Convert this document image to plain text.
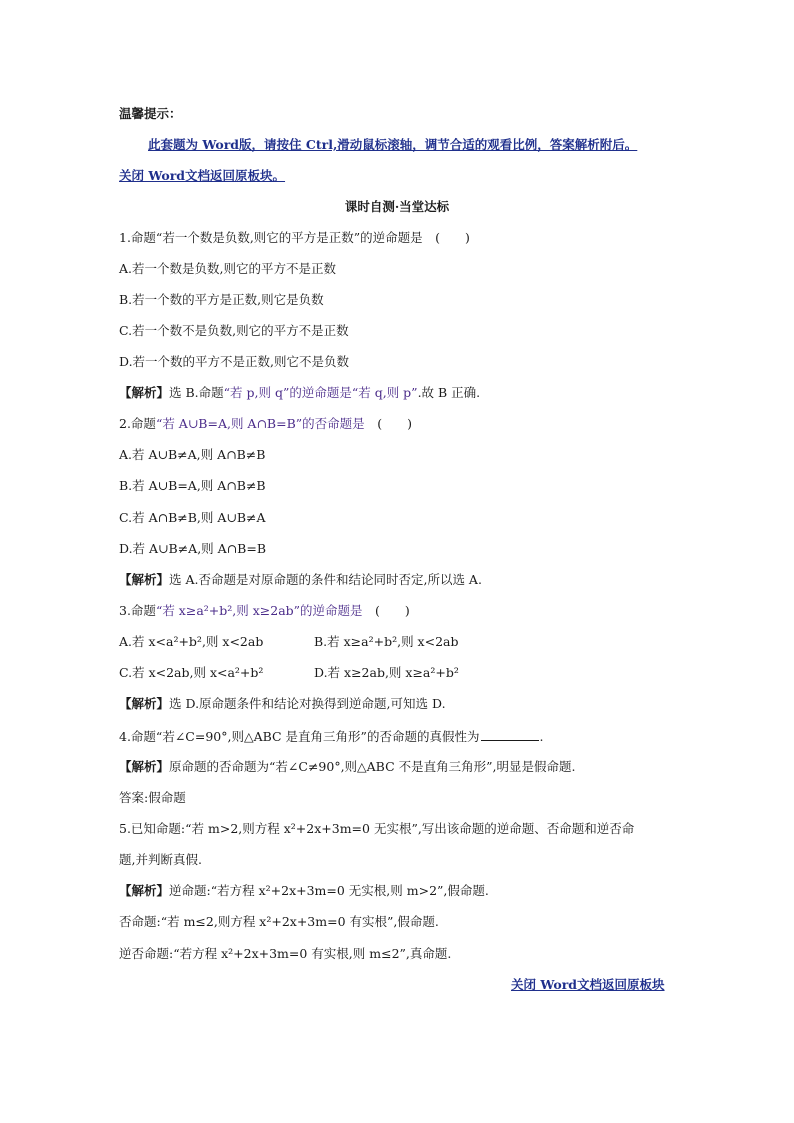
温馨提示：
此套题为 Word版，请按住 Ctrl,滑动鼠标滚轴，调节合适的观看比例，答案解析附后。
关闭 Word文档返回原板块。
课时自测·当堂达标
1.命题“若一个数是负数,则它的平方是正数”的逆命题是　(　　)
A.若一个数是负数,则它的平方不是正数
B.若一个数的平方是正数,则它是负数
C.若一个数不是负数,则它的平方不是正数
D.若一个数的平方不是正数,则它不是负数
【解析】选 B.命题“若 p,则 q”的逆命题是“若 q,则 p”.故 B 正确.
2.命题“若 A∪B=A,则 A∩B=B”的否命题是　(　　)
A.若 A∪B≠A,则 A∩B≠B
B.若 A∪B=A,则 A∩B≠B
C.若 A∩B≠B,则 A∪B≠A
D.若 A∪B≠A,则 A∩B=B
【解析】选 A.否命题是对原命题的条件和结论同时否定,所以选 A.
3.命题“若 x≥a²+b²,则 x≥2ab”的逆命题是　(　　)
A.若 x<a²+b²,则 x<2ab	B.若 x≥a²+b²,则 x<2ab
C.若 x<2ab,则 x<a²+b²	D.若 x≥2ab,则 x≥a²+b²
【解析】选 D.原命题条件和结论对换得到逆命题,可知选 D.
4.命题“若∠C=90°,则△ABC 是直角三角形”的否命题的真假性为	.
【解析】原命题的否命题为“若∠C≠90°,则△ABC 不是直角三角形”,明显是假命题.
答案:假命题
5.已知命题:“若 m>2,则方程 x²+2x+3m=0 无实根”,写出该命题的逆命题、否命题和逆否命
题,并判断真假.
【解析】逆命题:“若方程 x²+2x+3m=0 无实根,则 m>2”,假命题.
否命题:“若 m≤2,则方程 x²+2x+3m=0 有实根”,假命题.
逆否命题:“若方程 x²+2x+3m=0 有实根,则 m≤2”,真命题.
关闭 Word文档返回原板块
